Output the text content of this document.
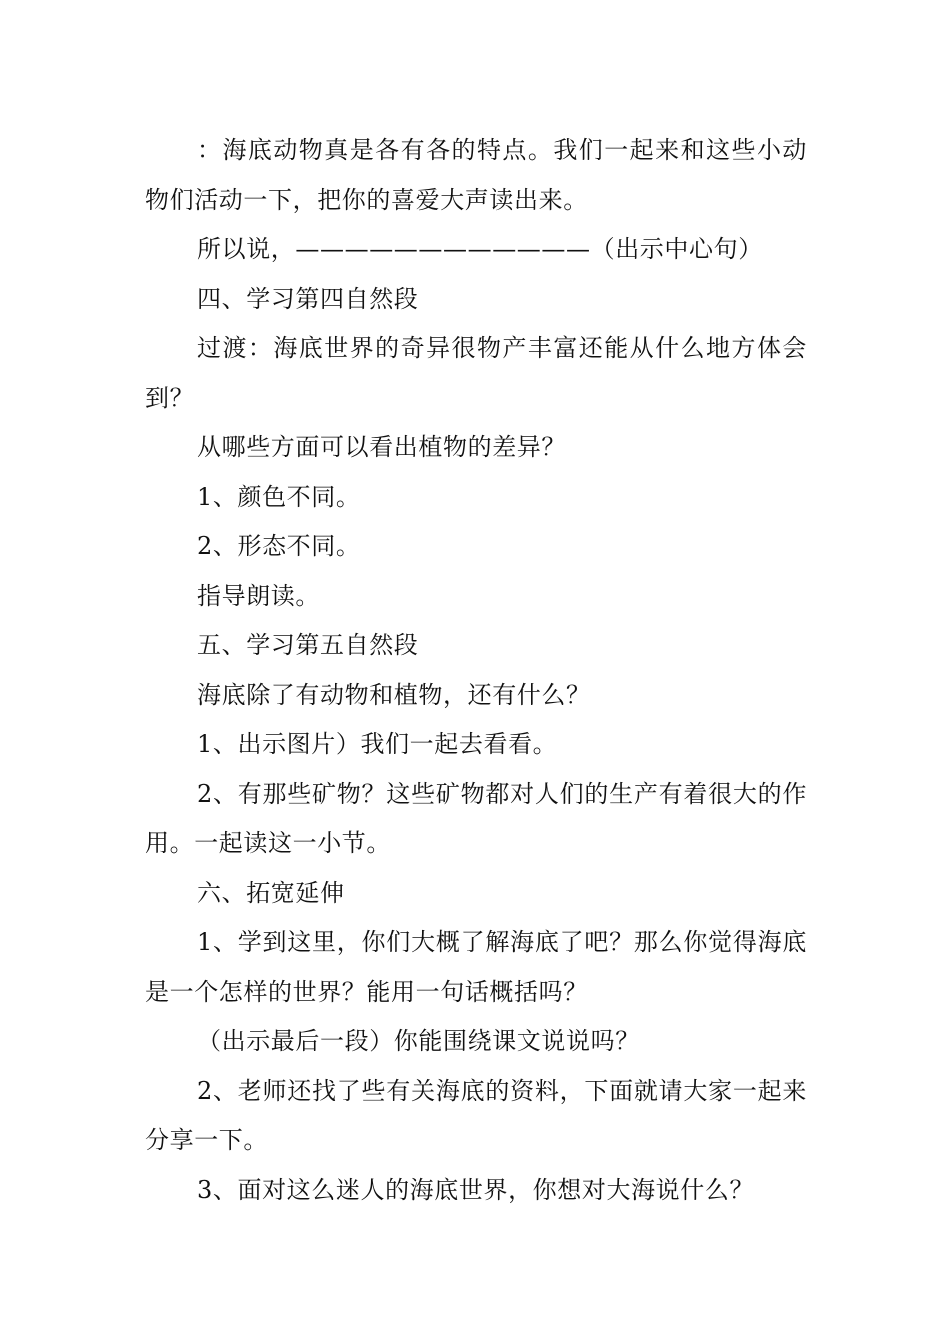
：海底动物真是各有各的特点。我们一起来和这些小动物们活动一下，把你的喜爱大声读出来。

所以说，————————————（出示中心句）

四、学习第四自然段

过渡：海底世界的奇异很物产丰富还能从什么地方体会到？

从哪些方面可以看出植物的差异？

1、颜色不同。

2、形态不同。

指导朗读。

五、学习第五自然段

海底除了有动物和植物，还有什么？

1、出示图片）我们一起去看看。

2、有那些矿物？这些矿物都对人们的生产有着很大的作用。一起读这一小节。

六、拓宽延伸

1、学到这里，你们大概了解海底了吧？那么你觉得海底是一个怎样的世界？能用一句话概括吗？

（出示最后一段）你能围绕课文说说吗？

2、老师还找了些有关海底的资料，下面就请大家一起来分享一下。

3、面对这么迷人的海底世界，你想对大海说什么？
